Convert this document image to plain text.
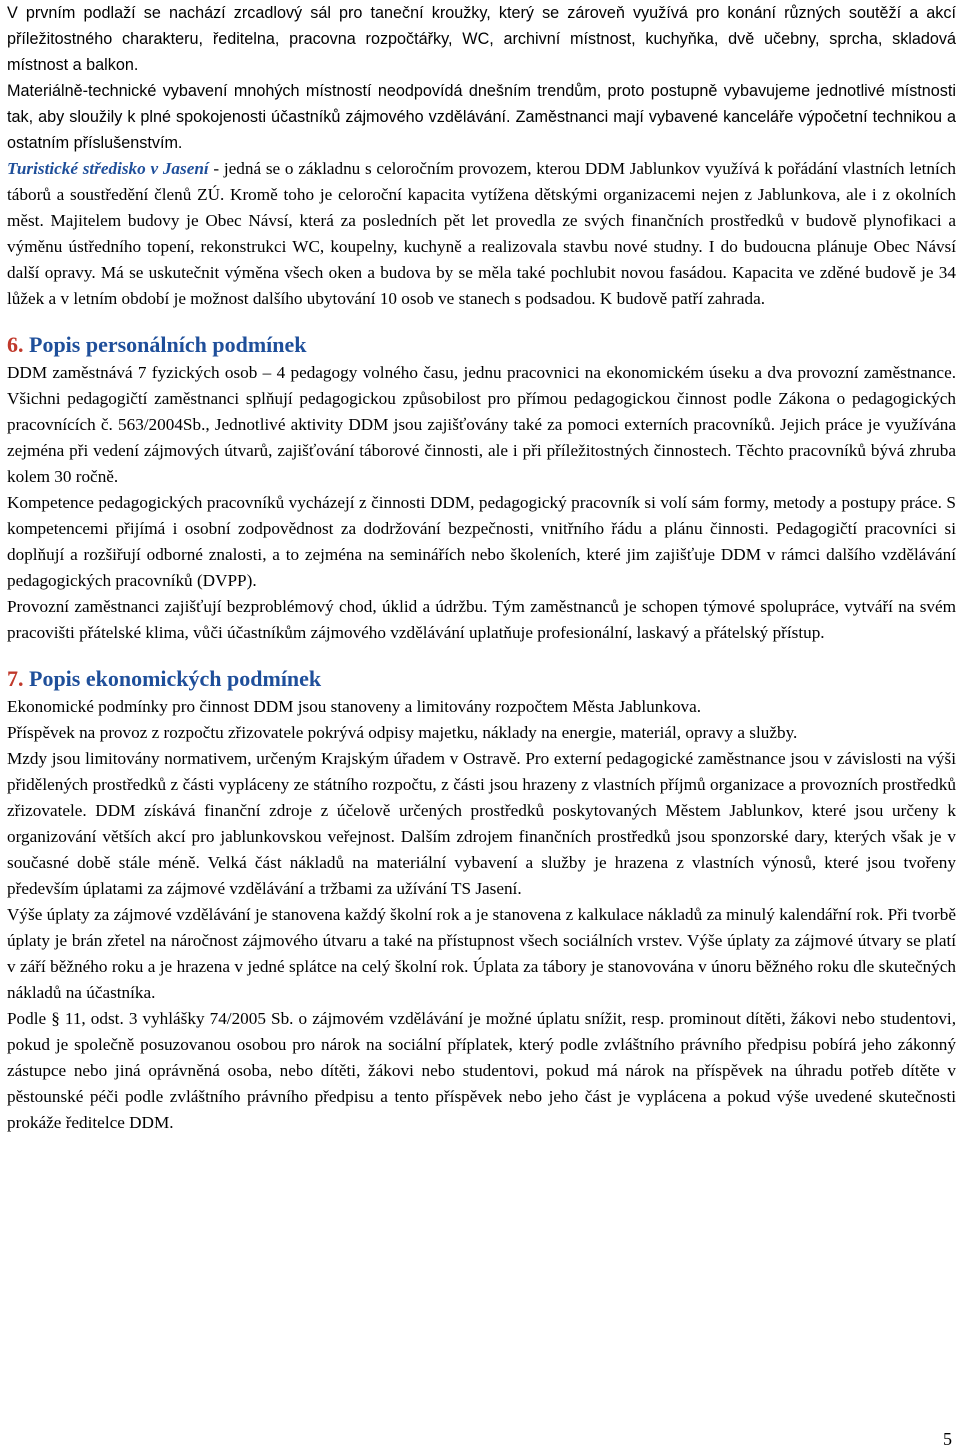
V prvním podlaží se nachází zrcadlový sál pro taneční kroužky, který se zároveň využívá pro konání různých soutěží a akcí příležitostného charakteru, ředitelna, pracovna rozpočtářky, WC, archivní místnost, kuchyňka, dvě učebny, sprcha, skladová místnost a balkon.

Materiálně-technické vybavení mnohých místností neodpovídá dnešním trendům, proto postupně vybavujeme jednotlivé místnosti tak, aby sloužily k plné spokojenosti účastníků zájmového vzdělávání. Zaměstnanci mají vybavené kanceláře výpočetní technikou a ostatním příslušenstvím.

Turistické středisko v Jasení - jedná se o základnu s celoročním provozem, kterou DDM Jablunkov využívá k pořádání vlastních letních táborů a soustředění členů ZÚ. Kromě toho je celoroční kapacita vytížena dětskými organizacemi nejen z Jablunkova, ale i z okolních měst. Majitelem budovy je Obec Návsí, která za posledních pět let provedla ze svých finančních prostředků v budově plynofikaci a výměnu ústředního topení, rekonstrukci WC, koupelny, kuchyně a realizovala stavbu nové studny. I do budoucna plánuje Obec Návsí další opravy. Má se uskutečnit výměna všech oken a budova by se měla také pochlubit novou fasádou. Kapacita ve zděné budově je 34 lůžek a v letním období je možnost dalšího ubytování 10 osob ve stanech s podsadou. K budově patří zahrada.

6. Popis personálních podmínek

DDM zaměstnává 7 fyzických osob – 4 pedagogy volného času, jednu pracovnici na ekonomickém úseku a dva provozní zaměstnance. Všichni pedagogičtí zaměstnanci splňují pedagogickou způsobilost pro přímou pedagogickou činnost podle Zákona o pedagogických pracovnících č. 563/2004Sb., Jednotlivé aktivity DDM jsou zajišťovány také za pomoci externích pracovníků. Jejich práce je využívána zejména při vedení zájmových útvarů, zajišťování táborové činnosti, ale i při příležitostných činnostech. Těchto pracovníků bývá zhruba kolem 30 ročně.

Kompetence pedagogických pracovníků vycházejí z činnosti DDM, pedagogický pracovník si volí sám formy, metody a postupy práce. S kompetencemi přijímá i osobní zodpovědnost za dodržování bezpečnosti, vnitřního řádu a plánu činnosti. Pedagogičtí pracovníci si doplňují a rozšiřují odborné znalosti, a to zejména na seminářích nebo školeních, které jim zajišťuje DDM v rámci dalšího vzdělávání pedagogických pracovníků (DVPP).

Provozní zaměstnanci zajišťují bezproblémový chod, úklid a údržbu. Tým zaměstnanců je schopen týmové spolupráce, vytváří na svém pracovišti přátelské klima, vůči účastníkům zájmového vzdělávání uplatňuje profesionální, laskavý a přátelský přístup.

7. Popis ekonomických podmínek

Ekonomické podmínky pro činnost DDM jsou stanoveny a limitovány rozpočtem Města Jablunkova.

Příspěvek na provoz z rozpočtu zřizovatele pokrývá odpisy majetku, náklady na energie, materiál, opravy a služby.

Mzdy jsou limitovány normativem, určeným Krajským úřadem v Ostravě. Pro externí pedagogické zaměstnance jsou v závislosti na výši přidělených prostředků z části vypláceny ze státního rozpočtu, z části jsou hrazeny z vlastních příjmů organizace a provozních prostředků zřizovatele. DDM získává finanční zdroje z účelově určených prostředků poskytovaných Městem Jablunkov, které jsou určeny k organizování větších akcí pro jablunkovskou veřejnost. Dalším zdrojem finančních prostředků jsou sponzorské dary, kterých však je v současné době stále méně. Velká část nákladů na materiální vybavení a služby je hrazena z vlastních výnosů, které jsou tvořeny především úplatami za zájmové vzdělávání a tržbami za užívání TS Jasení.

Výše úplaty za zájmové vzdělávání je stanovena každý školní rok a je stanovena z kalkulace nákladů za minulý kalendářní rok. Při tvorbě úplaty je brán zřetel na náročnost zájmového útvaru a také na přístupnost všech sociálních vrstev. Výše úplaty za zájmové útvary se platí v září běžného roku a je hrazena v jedné splátce na celý školní rok. Úplata za tábory je stanovována v únoru běžného roku dle skutečných nákladů na účastníka.

Podle § 11, odst. 3 vyhlášky 74/2005 Sb. o zájmovém vzdělávání je možné úplatu snížit, resp. prominout dítěti, žákovi nebo studentovi, pokud je společně posuzovanou osobou pro nárok na sociální příplatek, který podle zvláštního právního předpisu pobírá jeho zákonný zástupce nebo jiná oprávněná osoba, nebo dítěti, žákovi nebo studentovi, pokud má nárok na příspěvek na úhradu potřeb dítěte v pěstounské péči podle zvláštního právního předpisu a tento příspěvek nebo jeho část je vyplácena a pokud výše uvedené skutečnosti prokáže ředitelce DDM.

5
